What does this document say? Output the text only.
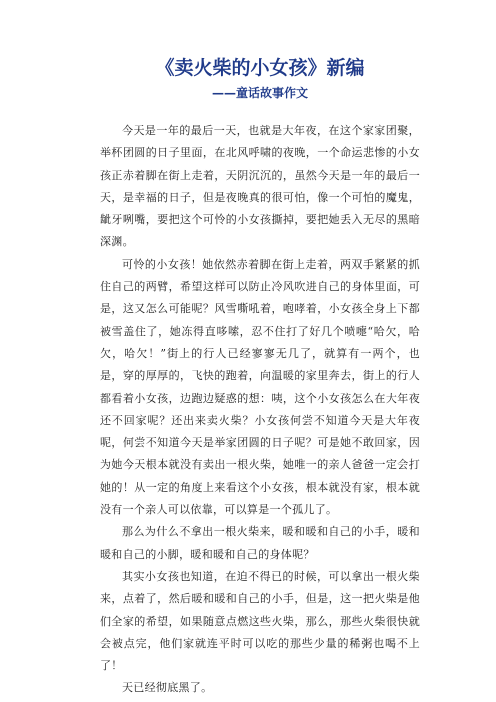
《卖火柴的小女孩》新编
——童话故事作文

今天是一年的最后一天，也就是大年夜，在这个家家团聚，举杯团圆的日子里面，在北风呼啸的夜晚，一个命运悲惨的小女孩正赤着脚在街上走着，天阴沉沉的，虽然今天是一年的最后一天，是幸福的日子，但是夜晚真的很可怕，像一个可怕的魔鬼，龇牙咧嘴，要把这个可怜的小女孩撕掉，要把她丢入无尽的黑暗深渊。

可怜的小女孩！她依然赤着脚在街上走着，两双手紧紧的抓住自己的两臂，希望这样可以防止冷风吹进自己的身体里面，可是，这又怎么可能呢？风雪嘶吼着，咆哮着，小女孩全身上下都被雪盖住了，她冻得直哆嗦，忍不住打了好几个喷嚏“哈欠，哈欠，哈欠！”街上的行人已经寥寥无几了，就算有一两个，也是，穿的厚厚的，飞快的跑着，向温暖的家里奔去，街上的行人都看着小女孩，边跑边疑惑的想：咦，这个小女孩怎么在大年夜还不回家呢？还出来卖火柴？小女孩何尝不知道今天是大年夜呢，何尝不知道今天是举家团圆的日子呢？可是她不敢回家，因为她今天根本就没有卖出一根火柴，她唯一的亲人爸爸一定会打她的！从一定的角度上来看这个小女孩，根本就没有家，根本就没有一个亲人可以依靠，可以算是一个孤儿了。

那么为什么不拿出一根火柴来，暖和暖和自己的小手，暖和暖和自己的小脚，暖和暖和自己的身体呢？

其实小女孩也知道，在迫不得已的时候，可以拿出一根火柴来，点着了，然后暖和暖和自己的小手，但是，这一把火柴是他们全家的希望，如果随意点燃这些火柴，那么，那些火柴很快就会被点完，他们家就连平时可以吃的那些少量的稀粥也喝不上了！

天已经彻底黑了。
